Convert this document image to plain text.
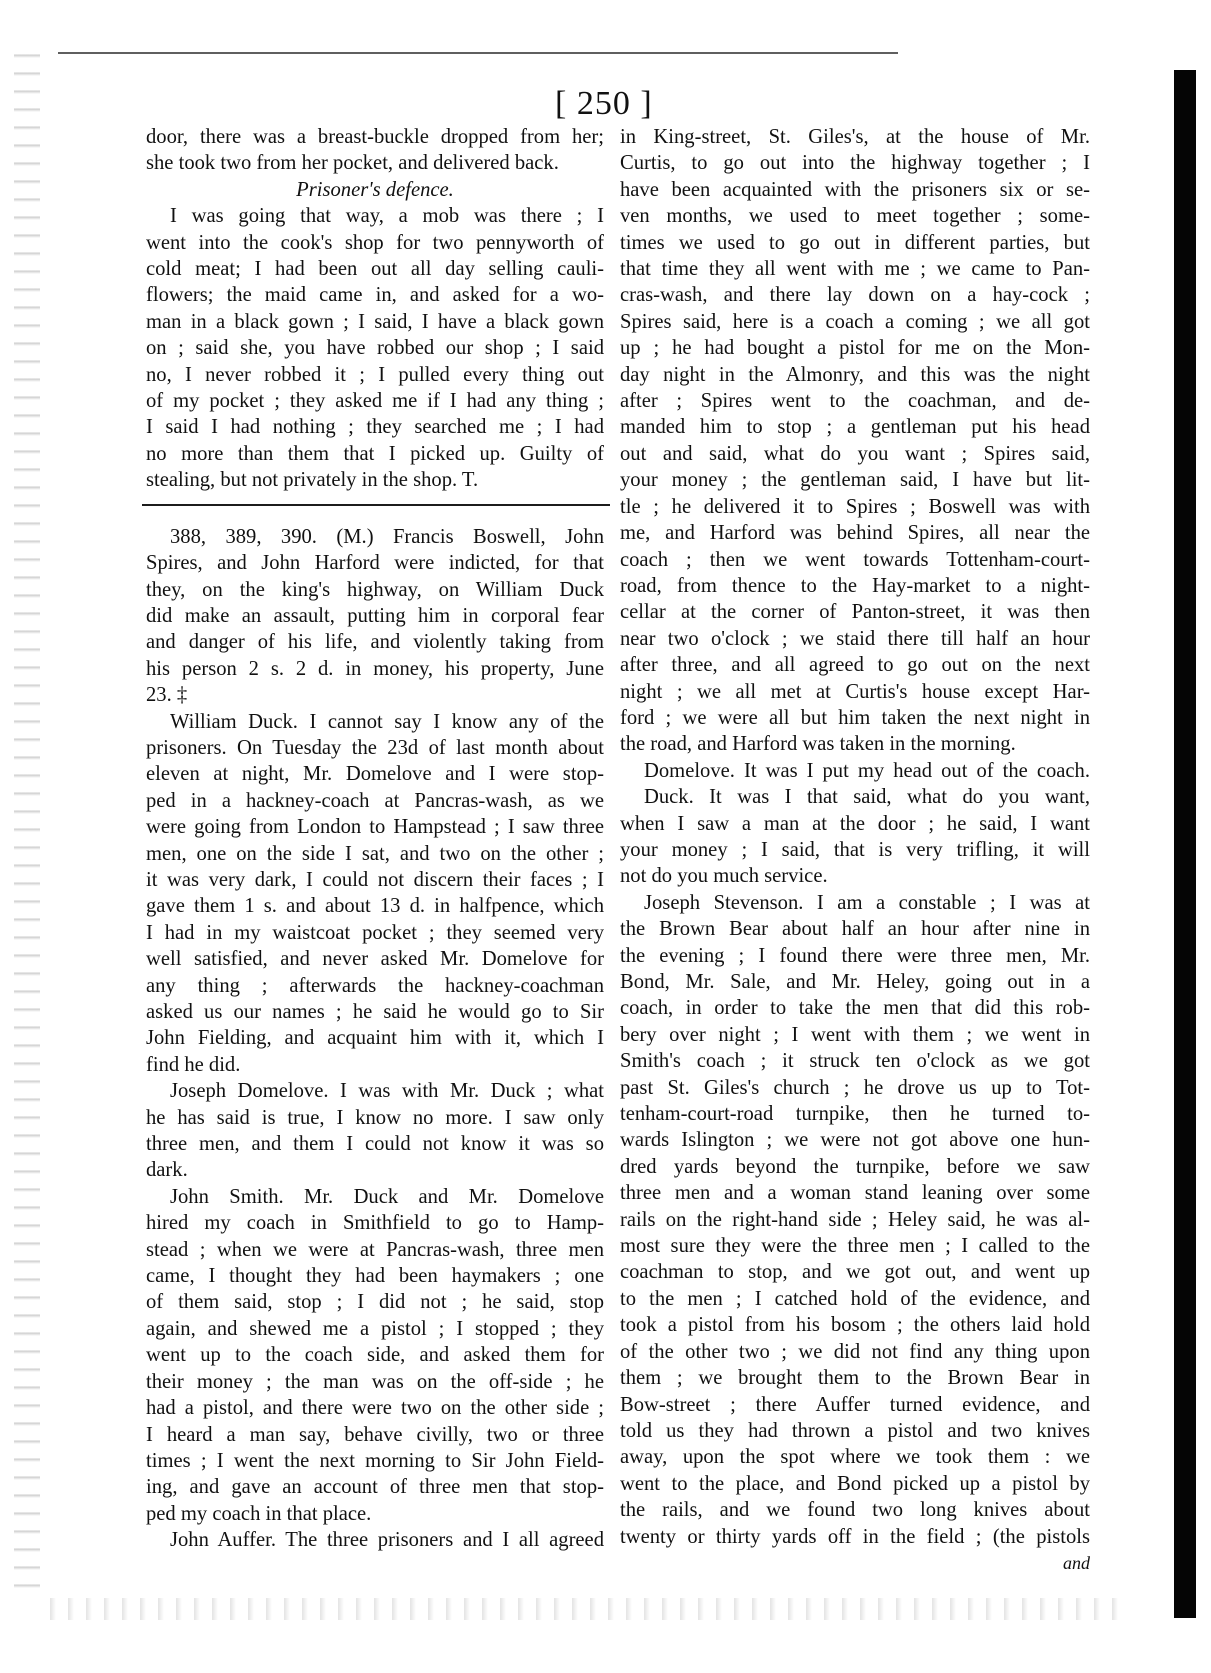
[ 250 ]
door, there was a breast-buckle dropped from her;
she took two from her pocket, and delivered back.
Prisoner's defence.
I was going that way, a mob was there ; I
went into the cook's shop for two pennyworth of
cold meat; I had been out all day selling cauli-
flowers; the maid came in, and asked for a wo-
man in a black gown ; I said, I have a black gown
on ; said she, you have robbed our shop ; I said
no, I never robbed it ; I pulled every thing out
of my pocket ; they asked me if I had any thing ;
I said I had nothing ; they searched me ; I had
no more than them that I picked up. Guilty of
stealing, but not privately in the shop. T.
388, 389, 390. (M.) Francis Boswell, John
Spires, and John Harford were indicted, for that
they, on the king's highway, on William Duck
did make an assault, putting him in corporal fear
and danger of his life, and violently taking from
his person 2 s. 2 d. in money, his property, June
23. ‡
William Duck. I cannot say I know any of the
prisoners. On Tuesday the 23d of last month about
eleven at night, Mr. Domelove and I were stop-
ped in a hackney-coach at Pancras-wash, as we
were going from London to Hampstead ; I saw three
men, one on the side I sat, and two on the other ;
it was very dark, I could not discern their faces ; I
gave them 1 s. and about 13 d. in halfpence, which
I had in my waistcoat pocket ; they seemed very
well satisfied, and never asked Mr. Domelove for
any thing ; afterwards the hackney-coachman
asked us our names ; he said he would go to Sir
John Fielding, and acquaint him with it, which I
find he did.
Joseph Domelove. I was with Mr. Duck ; what
he has said is true, I know no more. I saw only
three men, and them I could not know it was so
dark.
John Smith. Mr. Duck and Mr. Domelove
hired my coach in Smithfield to go to Hamp-
stead ; when we were at Pancras-wash, three men
came, I thought they had been haymakers ; one
of them said, stop ; I did not ; he said, stop
again, and shewed me a pistol ; I stopped ; they
went up to the coach side, and asked them for
their money ; the man was on the off-side ; he
had a pistol, and there were two on the other side ;
I heard a man say, behave civilly, two or three
times ; I went the next morning to Sir John Field-
ing, and gave an account of three men that stop-
ped my coach in that place.
John Auffer. The three prisoners and I all agreed
in King-street, St. Giles's, at the house of Mr.
Curtis, to go out into the highway together ; I
have been acquainted with the prisoners six or se-
ven months, we used to meet together ; some-
times we used to go out in different parties, but
that time they all went with me ; we came to Pan-
cras-wash, and there lay down on a hay-cock ;
Spires said, here is a coach a coming ; we all got
up ; he had bought a pistol for me on the Mon-
day night in the Almonry, and this was the night
after ; Spires went to the coachman, and de-
manded him to stop ; a gentleman put his head
out and said, what do you want ; Spires said,
your money ; the gentleman said, I have but lit-
tle ; he delivered it to Spires ; Boswell was with
me, and Harford was behind Spires, all near the
coach ; then we went towards Tottenham-court-
road, from thence to the Hay-market to a night-
cellar at the corner of Panton-street, it was then
near two o'clock ; we staid there till half an hour
after three, and all agreed to go out on the next
night ; we all met at Curtis's house except Har-
ford ; we were all but him taken the next night in
the road, and Harford was taken in the morning.
Domelove. It was I put my head out of the coach.
Duck. It was I that said, what do you want,
when I saw a man at the door ; he said, I want
your money ; I said, that is very trifling, it will
not do you much service.
Joseph Stevenson. I am a constable ; I was at
the Brown Bear about half an hour after nine in
the evening ; I found there were three men, Mr.
Bond, Mr. Sale, and Mr. Heley, going out in a
coach, in order to take the men that did this rob-
bery over night ; I went with them ; we went in
Smith's coach ; it struck ten o'clock as we got
past St. Giles's church ; he drove us up to Tot-
tenham-court-road turnpike, then he turned to-
wards Islington ; we were not got above one hun-
dred yards beyond the turnpike, before we saw
three men and a woman stand leaning over some
rails on the right-hand side ; Heley said, he was al-
most sure they were the three men ; I called to the
coachman to stop, and we got out, and went up
to the men ; I catched hold of the evidence, and
took a pistol from his bosom ; the others laid hold
of the other two ; we did not find any thing upon
them ; we brought them to the Brown Bear in
Bow-street ; there Auffer turned evidence, and
told us they had thrown a pistol and two knives
away, upon the spot where we took them : we
went to the place, and Bond picked up a pistol by
the rails, and we found two long knives about
twenty or thirty yards off in the field ; (the pistols
and
